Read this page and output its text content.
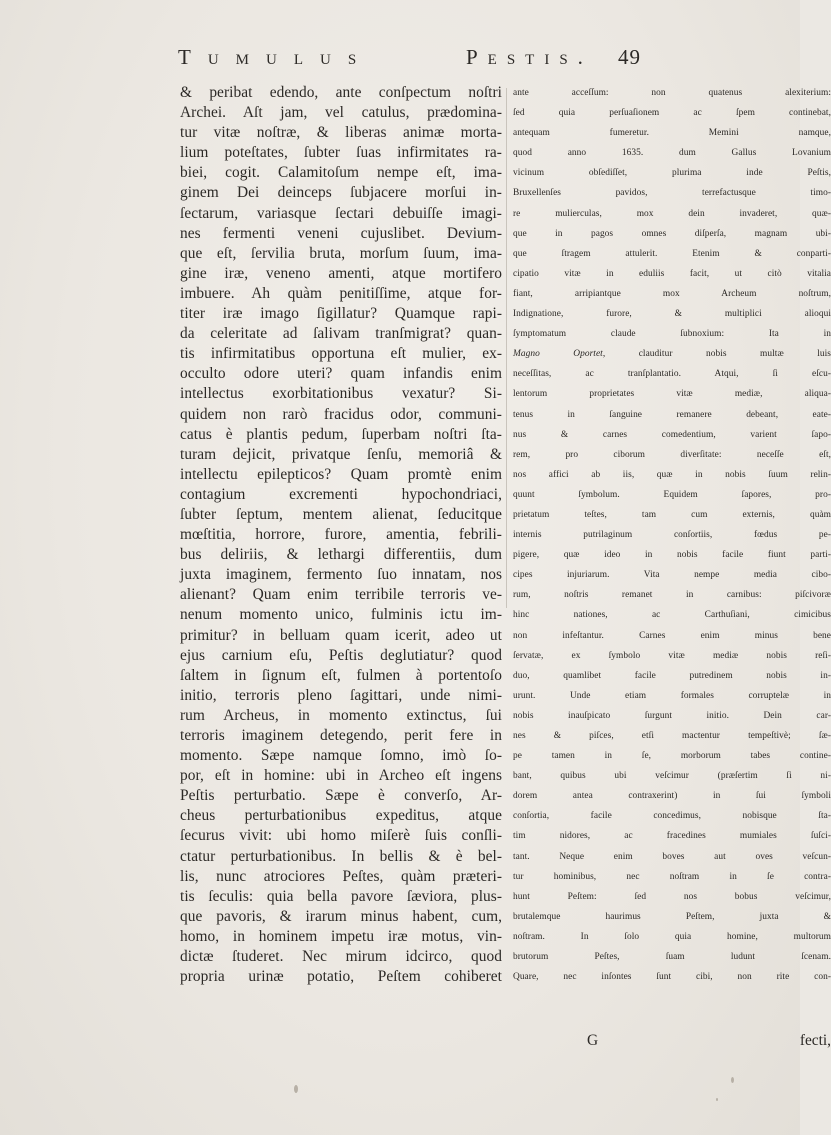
Tumulus	Pestis. 49
& peribat edendo, ante conſpectum noſtri
Archei. Aſt jam, vel catulus, prædomina-
tur vitæ noſtræ, & liberas animæ morta-
lium poteſtates, ſubter ſuas infirmitates ra-
biei, cogit. Calamitoſum nempe eſt, ima-
ginem Dei deinceps ſubjacere morſui in-
ſectarum, variasque ſectari debuiſſe imagi-
nes fermenti veneni cujuslibet. Devium-
que eſt, ſervilia bruta, morſum ſuum, ima-
gine iræ, veneno amenti, atque mortifero
imbuere. Ah quàm penitiſſime, atque for-
titer iræ imago ſigillatur? Quamque rapi-
da celeritate ad ſalivam tranſmigrat? quan-
tis infirmitatibus opportuna eſt mulier, ex-
occulto odore uteri? quam infandis enim
intellectus exorbitationibus vexatur? Si-
quidem non rarò fracidus odor, communi-
catus è plantis pedum, ſuperbam noſtri ſta-
turam dejicit, privatque ſenſu, memoriâ &
intellectu epilepticos? Quam promtè enim
contagium excrementi hypochondriaci,
ſubter ſeptum, mentem alienat, ſeducitque
mœſtitia, horrore, furore, amentia, febrili-
bus deliriis, & lethargi differentiis, dum
juxta imaginem, fermento ſuo innatam, nos
alienant? Quam enim terribile terroris ve-
nenum momento unico, fulminis ictu im-
primitur? in belluam quam icerit, adeo ut
ejus carnium eſu, Peſtis deglutiatur? quod
ſaltem in ſignum eſt, fulmen à portentoſo
initio, terroris pleno ſagittari, unde nimi-
rum Archeus, in momento extinctus, ſui
terroris imaginem detegendo, perit fere in
momento. Sæpe namque ſomno, imò ſo-
por, eſt in homine: ubi in Archeo eſt ingens
Peſtis perturbatio. Sæpe è converſo, Ar-
cheus perturbationibus expeditus, atque
ſecurus vivit: ubi homo miſerè ſuis conſli-
ctatur perturbationibus. In bellis & è bel-
lis, nunc atrociores Peſtes, quàm præteri-
tis ſeculis: quia bella pavore ſæviora, plus-
que pavoris, & irarum minus habent, cum,
homo, in hominem impetu iræ motus, vin-
dictæ ſtuderet. Nec mirum idcirco, quod
propria urinæ potatio, Peſtem cohiberet
ante acceſſum: non quatenus alexiterium:
ſed quia perſuaſionem ac ſpem continebat,
antequam fumeretur. Memini namque,
quod anno 1635. dum Gallus Lovanium
vicinum obſediſſet, plurima inde Peſtis,
Bruxellenſes pavidos, terrefactusque timo-
re mulierculas, mox dein invaderet, quæ-
que in pagos omnes diſperſa, magnam ubi-
que ſtragem attulerit. Etenim & conparti-
cipatio vitæ in eduliis facit, ut citò vitalia
fiant, arripiantque mox Archeum noſtrum,
Indignatione, furore, & multiplici alioqui
ſymptomatum claude ſubnoxium: Ita in
Magno Oportet, clauditur nobis multæ luis
neceſſitas, ac tranſplantatio. Atqui, ſi eſcu-
lentorum proprietates vitæ mediæ, aliqua-
tenus in ſanguine remanere debeant, eate-
nus & carnes comedentium, varient ſapo-
rem, pro ciborum diverſitate: neceſſe eſt,
nos affici ab iis, quæ in nobis ſuum relin-
quunt ſymbolum. Equidem ſapores, pro-
prietatum teſtes, tam cum externis, quàm
internis putrilaginum conſortiis, fœdus pe-
pigere, quæ ideo in nobis facile fiunt parti-
cipes injuriarum. Vita nempe media cibo-
rum, noſtris remanet in carnibus: piſcivoræ
hinc nationes, ac Carthuſiani, cimicibus
non infeſtantur. Carnes enim minus bene
ſervatæ, ex ſymbolo vitæ mediæ nobis reſi-
duo, quamlibet facile putredinem nobis in-
urunt. Unde etiam formales corruptelæ in
nobis inauſpicato ſurgunt initio. Dein car-
nes & piſces, etſi mactentur tempeſtivè; ſæ-
pe tamen in ſe, morborum tabes contine-
bant, quibus ubi veſcimur (præſertim ſi ni-
dorem antea contraxerint) in ſui ſymboli
conſortia, facile concedimus, nobisque ſta-
tim nidores, ac fracedines mumiales ſuſci-
tant. Neque enim boves aut oves veſcun-
tur hominibus, nec noſtram in ſe contra-
hunt Peſtem: ſed nos bobus veſcimur,
brutalemque haurimus Peſtem, juxta &
noſtram. In ſolo quia homine, multorum
brutorum Peſtes, ſuam ludunt ſcenam.
Quare, nec inſontes ſunt cibi, non rite con-
G	fecti,
